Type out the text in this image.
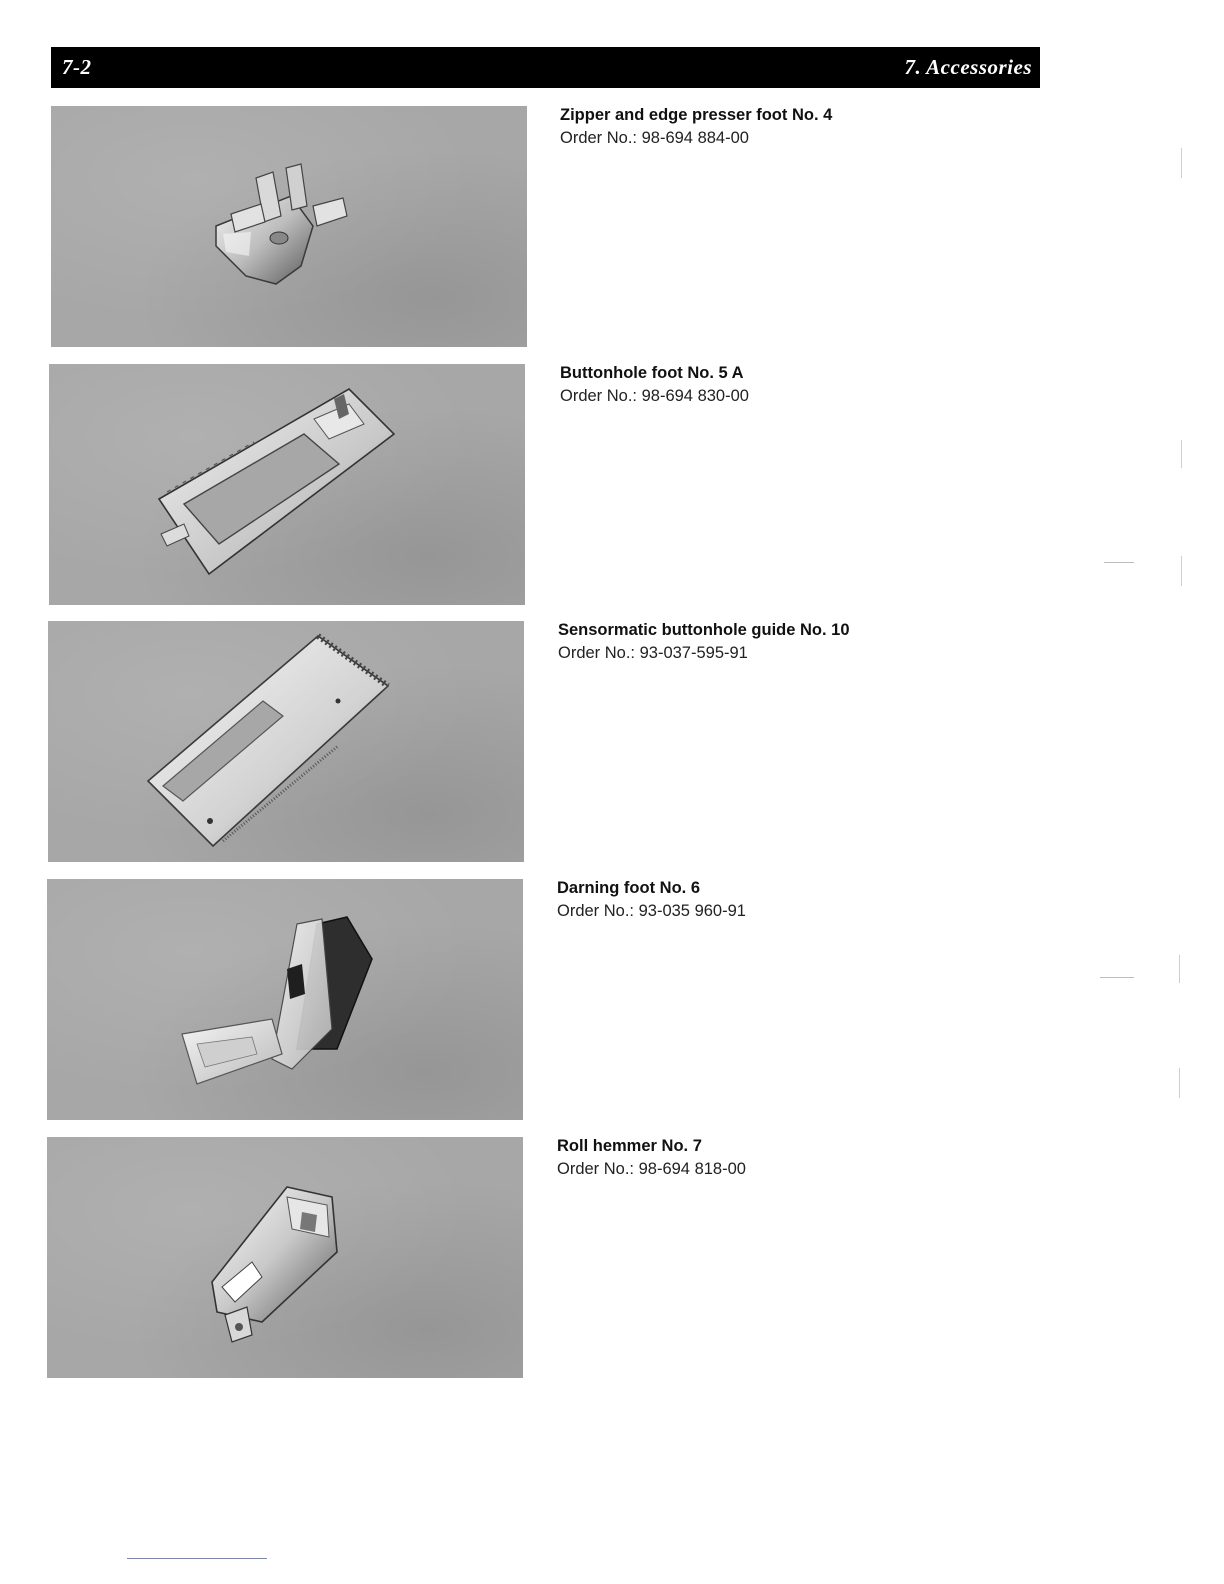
7-2	7. Accessories
Zipper and edge presser foot No. 4
Order No.: 98-694 884-00
Buttonhole foot No. 5 A
Order No.: 98-694 830-00
Sensormatic buttonhole guide No. 10
Order No.: 93-037-595-91
Darning foot No. 6
Order No.: 93-035 960-91
Roll hemmer No. 7
Order No.: 98-694 818-00
